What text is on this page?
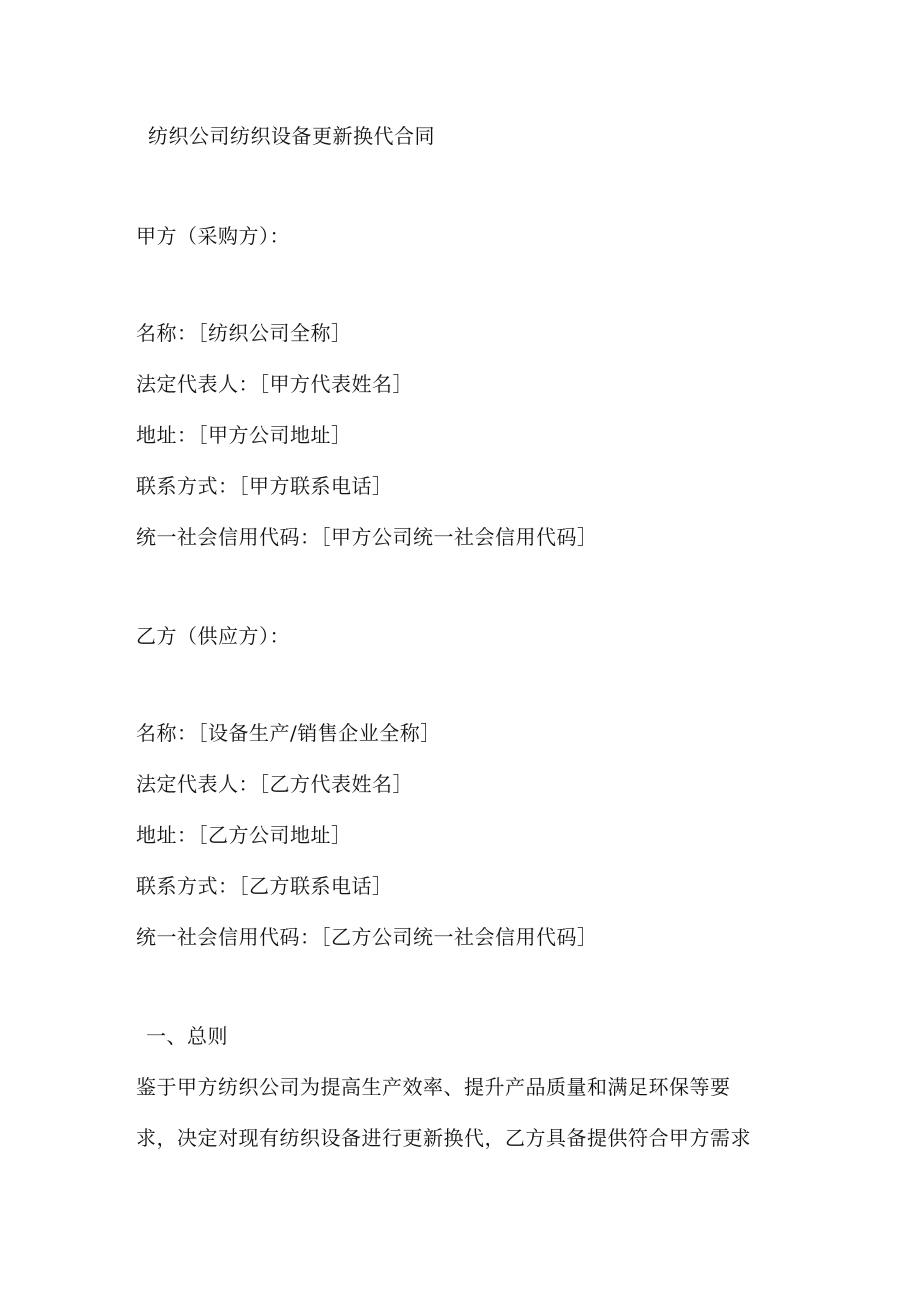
纺织公司纺织设备更新换代合同
甲方（采购方）：
名称：［纺织公司全称］
法定代表人：［甲方代表姓名］
地址：［甲方公司地址］
联系方式：［甲方联系电话］
统一社会信用代码：［甲方公司统一社会信用代码］
乙方（供应方）：
名称：［设备生产/销售企业全称］
法定代表人：［乙方代表姓名］
地址：［乙方公司地址］
联系方式：［乙方联系电话］
统一社会信用代码：［乙方公司统一社会信用代码］
一、总则
鉴于甲方纺织公司为提高生产效率、提升产品质量和满足环保等要
求，决定对现有纺织设备进行更新换代，乙方具备提供符合甲方需求
